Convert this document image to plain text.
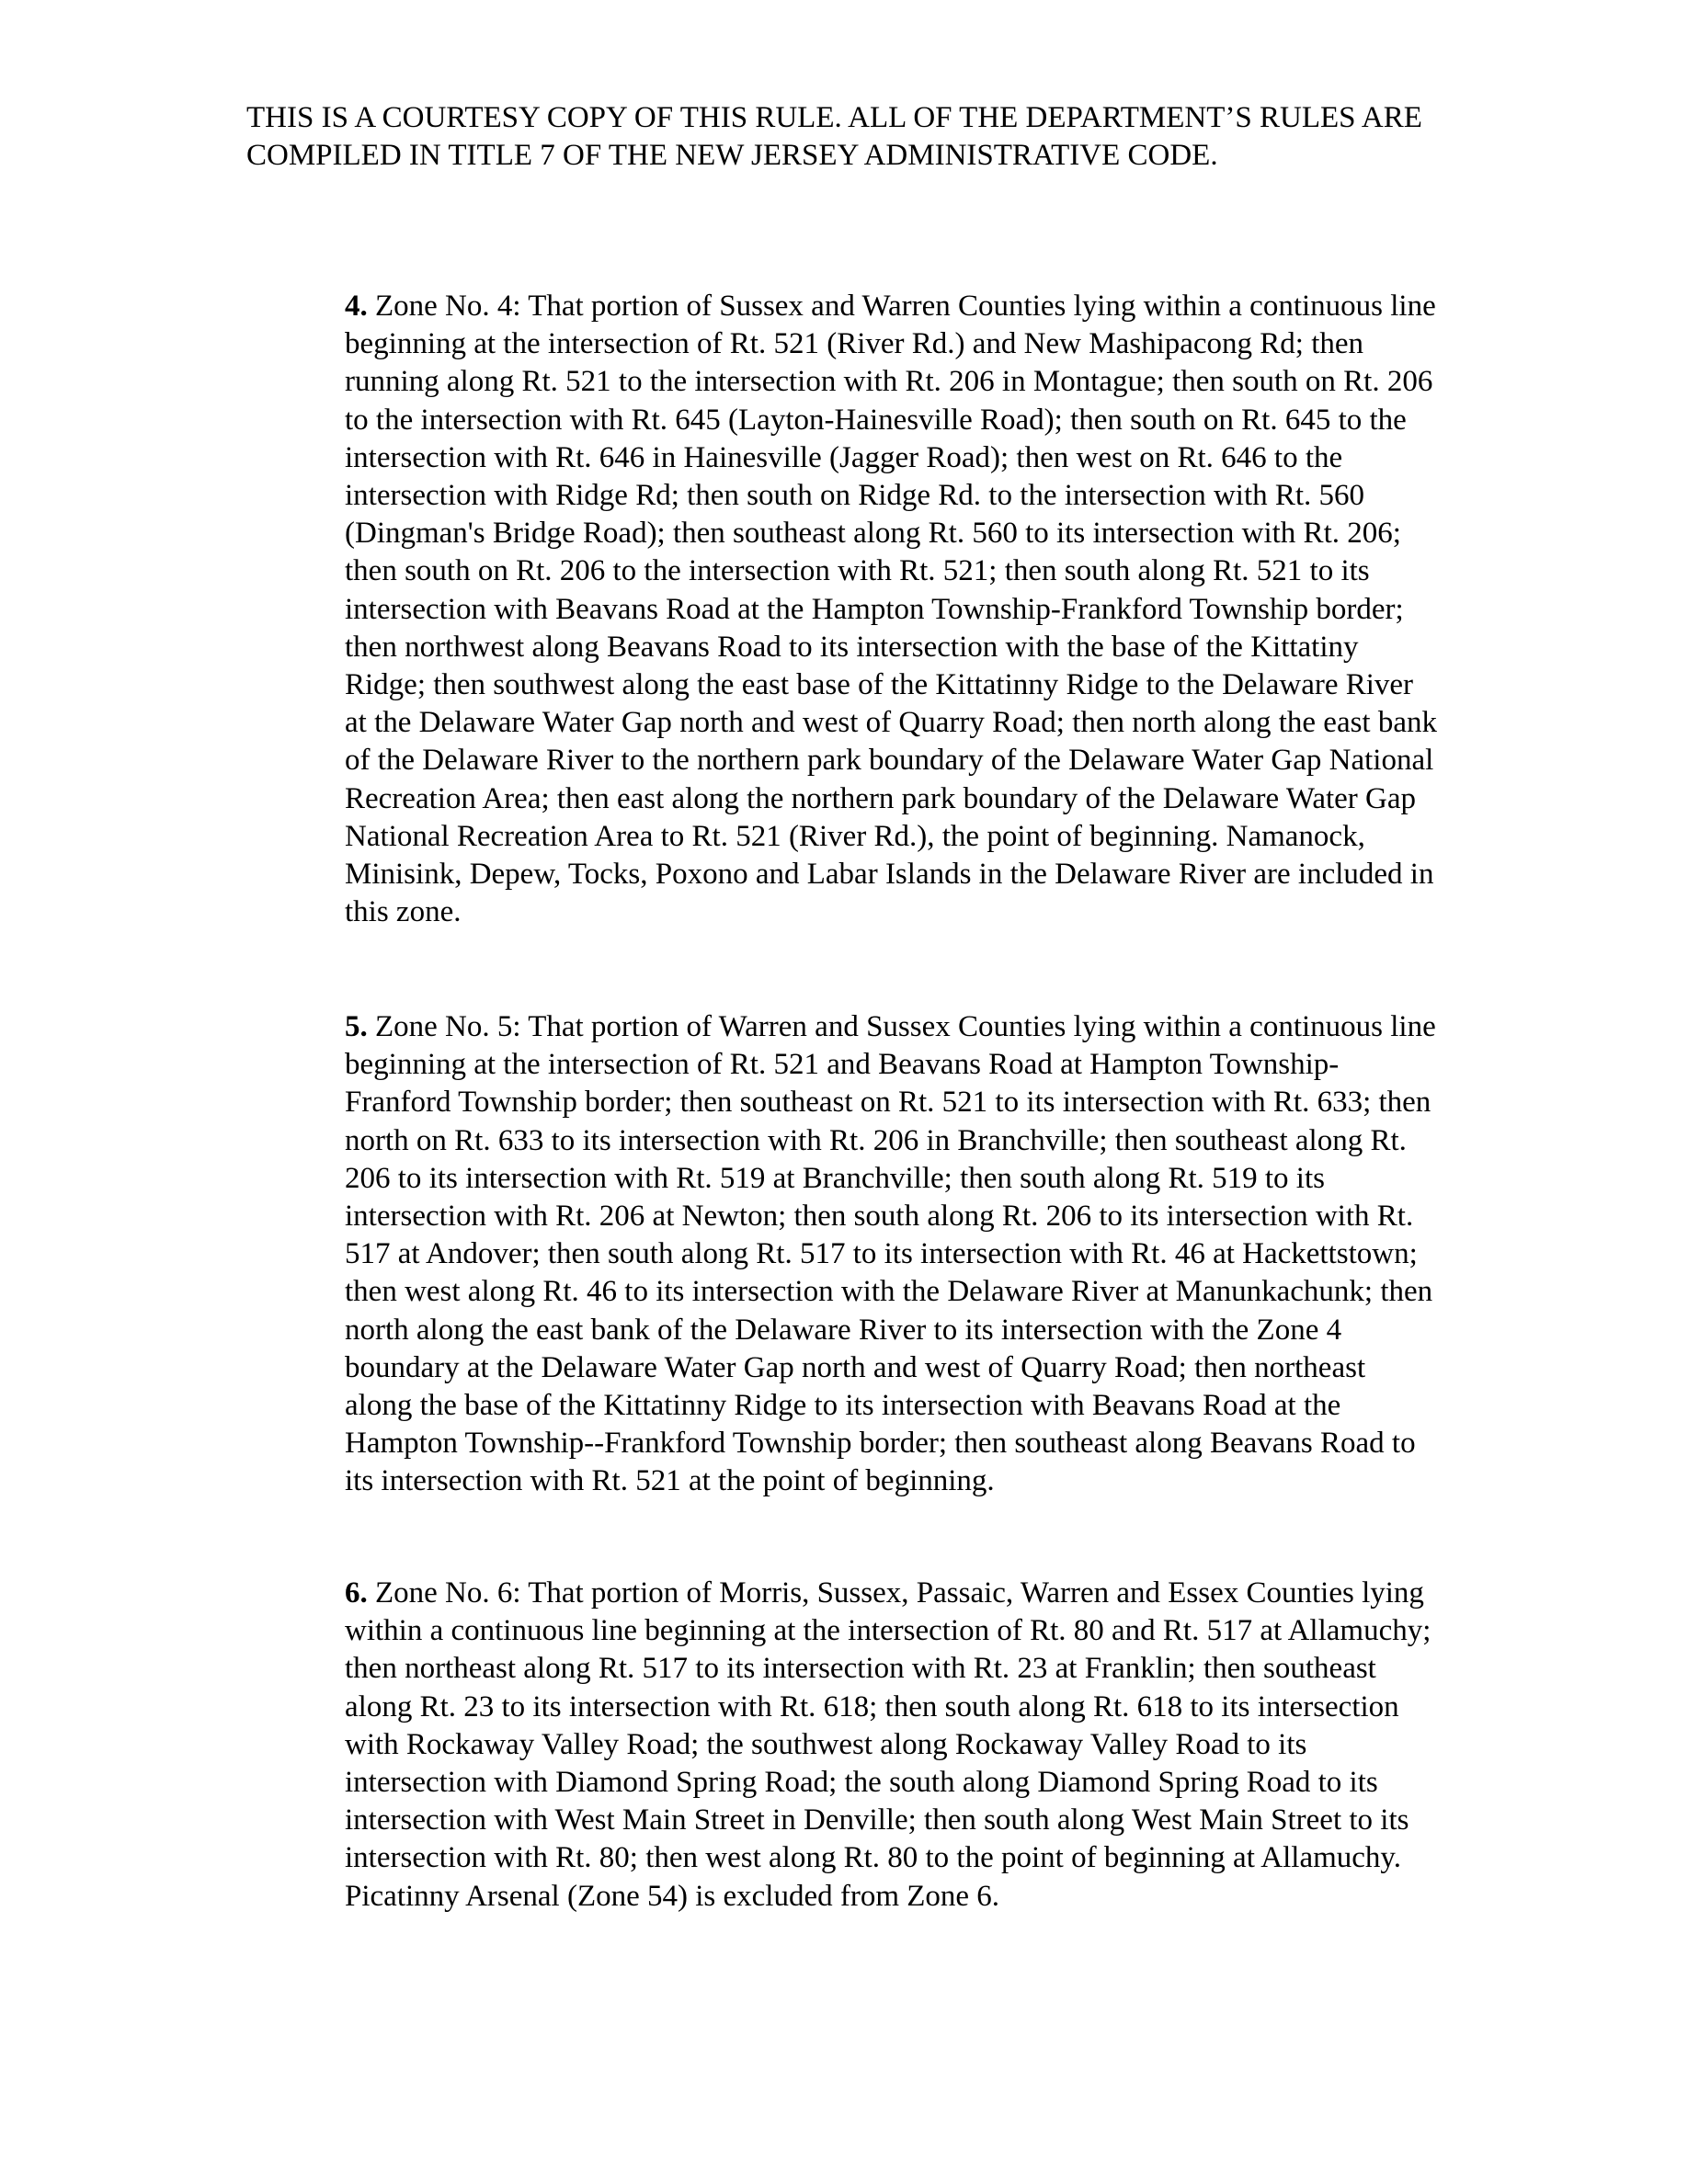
THIS IS A COURTESY COPY OF THIS RULE. ALL OF THE DEPARTMENT’S RULES ARE COMPILED IN TITLE 7 OF THE NEW JERSEY ADMINISTRATIVE CODE.

4. Zone No. 4: That portion of Sussex and Warren Counties lying within a continuous line beginning at the intersection of Rt. 521 (River Rd.) and New Mashipacong Rd; then running along Rt. 521 to the intersection with Rt. 206 in Montague; then south on Rt. 206 to the intersection with Rt. 645 (Layton-Hainesville Road); then south on Rt. 645 to the intersection with Rt. 646 in Hainesville (Jagger Road); then west on Rt. 646 to the intersection with Ridge Rd; then south on Ridge Rd. to the intersection with Rt. 560 (Dingman's Bridge Road); then southeast along Rt. 560 to its intersection with Rt. 206; then south on Rt. 206 to the intersection with Rt. 521; then south along Rt. 521 to its intersection with Beavans Road at the Hampton Township-Frankford Township border; then northwest along Beavans Road to its intersection with the base of the Kittatiny Ridge; then southwest along the east base of the Kittatinny Ridge to the Delaware River at the Delaware Water Gap north and west of Quarry Road; then north along the east bank of the Delaware River to the northern park boundary of the Delaware Water Gap National Recreation Area; then east along the northern park boundary of the Delaware Water Gap National Recreation Area to Rt. 521 (River Rd.), the point of beginning. Namanock, Minisink, Depew, Tocks, Poxono and Labar Islands in the Delaware River are included in this zone.

5. Zone No. 5: That portion of Warren and Sussex Counties lying within a continuous line beginning at the intersection of Rt. 521 and Beavans Road at Hampton Township-Franford Township border; then southeast on Rt. 521 to its intersection with Rt. 633; then north on Rt. 633 to its intersection with Rt. 206 in Branchville; then southeast along Rt. 206 to its intersection with Rt. 519 at Branchville; then south along Rt. 519 to its intersection with Rt. 206 at Newton; then south along Rt. 206 to its intersection with Rt. 517 at Andover; then south along Rt. 517 to its intersection with Rt. 46 at Hackettstown; then west along Rt. 46 to its intersection with the Delaware River at Manunkachunk; then north along the east bank of the Delaware River to its intersection with the Zone 4 boundary at the Delaware Water Gap north and west of Quarry Road; then northeast along the base of the Kittatinny Ridge to its intersection with Beavans Road at the Hampton Township--Frankford Township border; then southeast along Beavans Road to its intersection with Rt. 521 at the point of beginning.

6. Zone No. 6: That portion of Morris, Sussex, Passaic, Warren and Essex Counties lying within a continuous line beginning at the intersection of Rt. 80 and Rt. 517 at Allamuchy; then northeast along Rt. 517 to its intersection with Rt. 23 at Franklin; then southeast along Rt. 23 to its intersection with Rt. 618; then south along Rt. 618 to its intersection with Rockaway Valley Road; the southwest along Rockaway Valley Road to its intersection with Diamond Spring Road; the south along Diamond Spring Road to its intersection with West Main Street in Denville; then south along West Main Street to its intersection with Rt. 80; then west along Rt. 80 to the point of beginning at Allamuchy. Picatinny Arsenal (Zone 54) is excluded from Zone 6.
